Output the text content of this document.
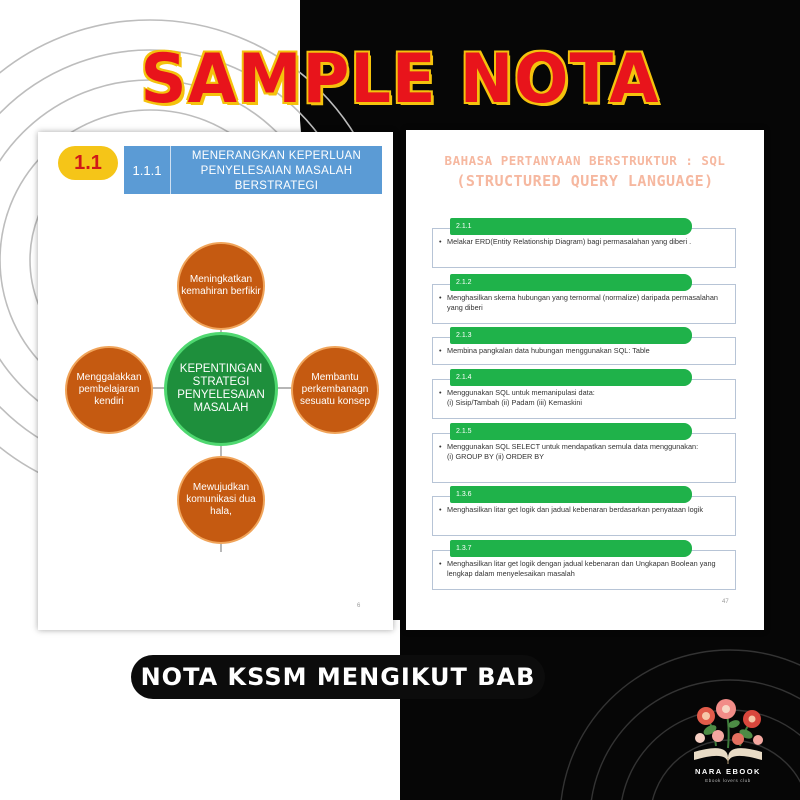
SAMPLE NOTA
1.1	1.1.1
MENERANGKAN KEPERLUAN PENYELESAIAN MASALAH BERSTRATEGI
Meningkatkan kemahiran berfikir
Menggalakkan pembelajaran kendiri
Membantu perkembanagn sesuatu konsep
Mewujudkan komunikasi dua hala,
KEPENTINGAN STRATEGI PENYELESAIAN MASALAH
6
BAHASA PERTANYAAN BERSTRUKTUR : SQL
(STRUCTURED QUERY LANGUAGE)
2.1.1
• Melakar ERD(Entity Relationship Diagram) bagi permasalahan yang diberi .
2.1.2
• Menghasilkan skema hubungan yang ternormal (normalize) daripada permasalahan yang diberi
2.1.3
• Membina pangkalan data hubungan menggunakan SQL: Table
2.1.4
• Menggunakan SQL untuk memanipulasi data:
(i) Sisip/Tambah (ii) Padam (iii) Kemaskini
2.1.5
• Menggunakan SQL SELECT untuk mendapatkan semula data menggunakan:
(i) GROUP BY (ii) ORDER BY
1.3.6
• Menghasilkan litar get logik dan jadual kebenaran berdasarkan penyataan logik
1.3.7
• Menghasilkan litar get logik dengan jadual kebenaran dan Ungkapan Boolean yang lengkap dalam menyelesaikan masalah
47
NOTA KSSM MENGIKUT BAB
NARA EBOOK
Ebook lovers club
